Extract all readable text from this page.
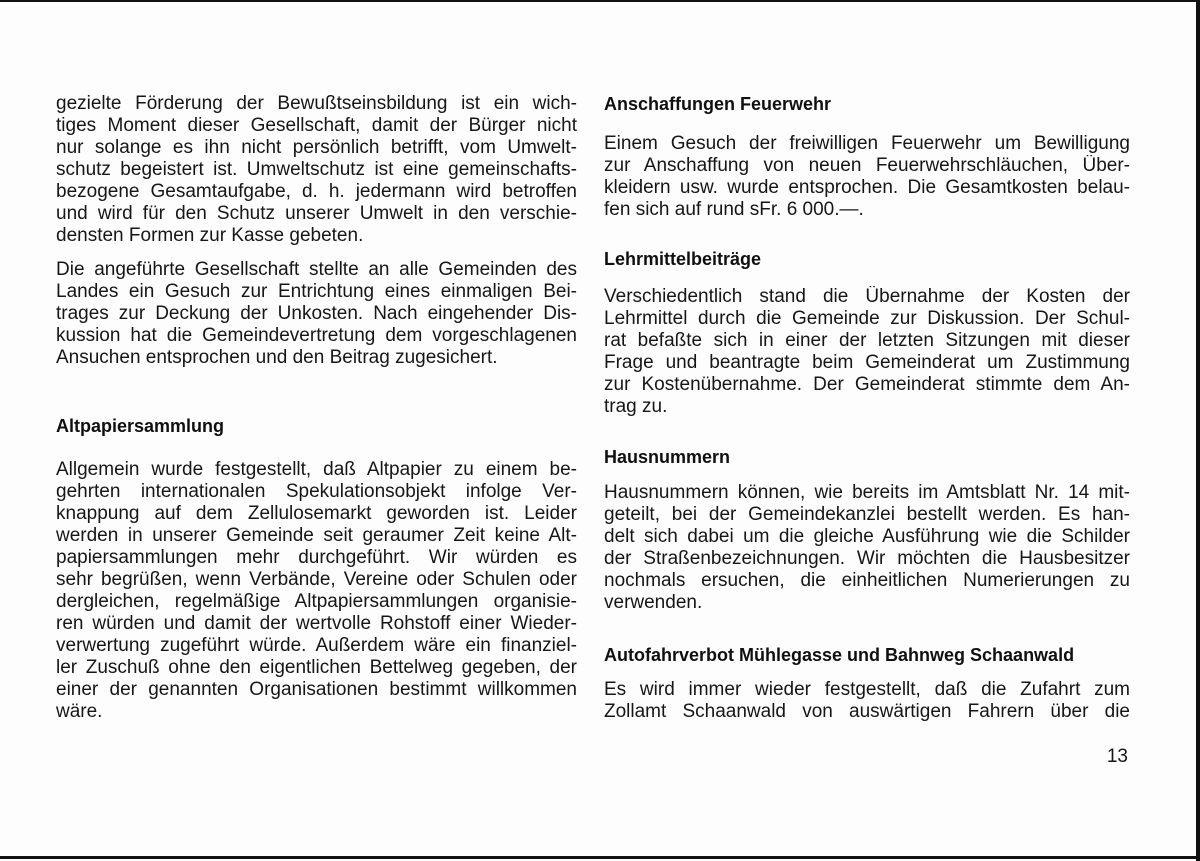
gezielte Förderung der Bewußtseinsbildung ist ein wich-
tiges Moment dieser Gesellschaft, damit der Bürger nicht
nur solange es ihn nicht persönlich betrifft, vom Umwelt-
schutz begeistert ist. Umweltschutz ist eine gemeinschafts-
bezogene Gesamtaufgabe, d. h. jedermann wird betroffen
und wird für den Schutz unserer Umwelt in den verschie-
densten Formen zur Kasse gebeten.
Die angeführte Gesellschaft stellte an alle Gemeinden des
Landes ein Gesuch zur Entrichtung eines einmaligen Bei-
trages zur Deckung der Unkosten. Nach eingehender Dis-
kussion hat die Gemeindevertretung dem vorgeschlagenen
Ansuchen entsprochen und den Beitrag zugesichert.
Altpapiersammlung
Allgemein wurde festgestellt, daß Altpapier zu einem be-
gehrten internationalen Spekulationsobjekt infolge Ver-
knappung auf dem Zellulosemarkt geworden ist. Leider
werden in unserer Gemeinde seit geraumer Zeit keine Alt-
papiersammlungen mehr durchgeführt. Wir würden es
sehr begrüßen, wenn Verbände, Vereine oder Schulen oder
dergleichen, regelmäßige Altpapiersammlungen organisie-
ren würden und damit der wertvolle Rohstoff einer Wieder-
verwertung zugeführt würde. Außerdem wäre ein finanziel-
ler Zuschuß ohne den eigentlichen Bettelweg gegeben, der
einer der genannten Organisationen bestimmt willkommen
wäre.
Anschaffungen Feuerwehr
Einem Gesuch der freiwilligen Feuerwehr um Bewilligung
zur Anschaffung von neuen Feuerwehrschläuchen, Über-
kleidern usw. wurde entsprochen. Die Gesamtkosten belau-
fen sich auf rund sFr. 6 000.—.
Lehrmittelbeiträge
Verschiedentlich stand die Übernahme der Kosten der
Lehrmittel durch die Gemeinde zur Diskussion. Der Schul-
rat befaßte sich in einer der letzten Sitzungen mit dieser
Frage und beantragte beim Gemeinderat um Zustimmung
zur Kostenübernahme. Der Gemeinderat stimmte dem An-
trag zu.
Hausnummern
Hausnummern können, wie bereits im Amtsblatt Nr. 14 mit-
geteilt, bei der Gemeindekanzlei bestellt werden. Es han-
delt sich dabei um die gleiche Ausführung wie die Schilder
der Straßenbezeichnungen. Wir möchten die Hausbesitzer
nochmals ersuchen, die einheitlichen Numerierungen zu
verwenden.
Autofahrverbot Mühlegasse und Bahnweg Schaanwald
Es wird immer wieder festgestellt, daß die Zufahrt zum
Zollamt Schaanwald von auswärtigen Fahrern über die
13
